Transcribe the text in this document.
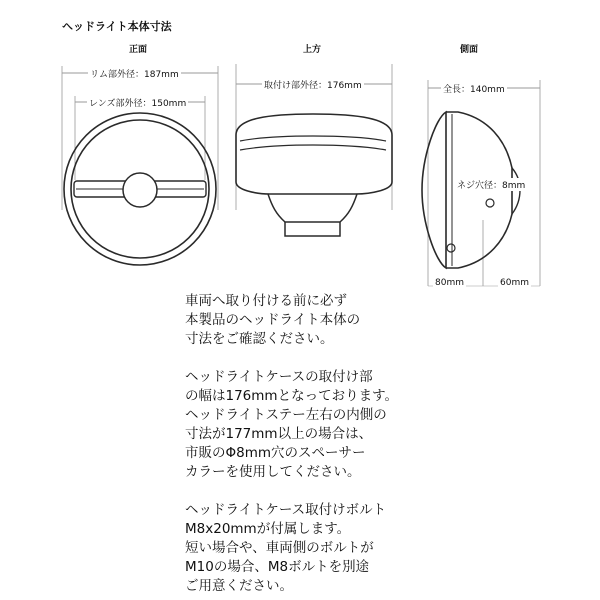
ヘッドライト本体寸法
正面	上方	側面
リム部外径：187mm
レンズ部外径：150mm
取付け部外径：176mm	全長：140mm
ネジ穴径：8mm
80mm	60mm
車両へ取り付ける前に必ず
本製品のヘッドライト本体の
寸法をご確認ください。
ヘッドライトケースの取付け部
の幅は176mmとなっております。
ヘッドライトステー左右の内側の
寸法が177mm以上の場合は、
市販のΦ8mm穴のスペーサー
カラーを使用してください。
ヘッドライトケース取付けボルト
M8x20mmが付属します。
短い場合や、車両側のボルトが
M10の場合、M8ボルトを別途
ご用意ください。
